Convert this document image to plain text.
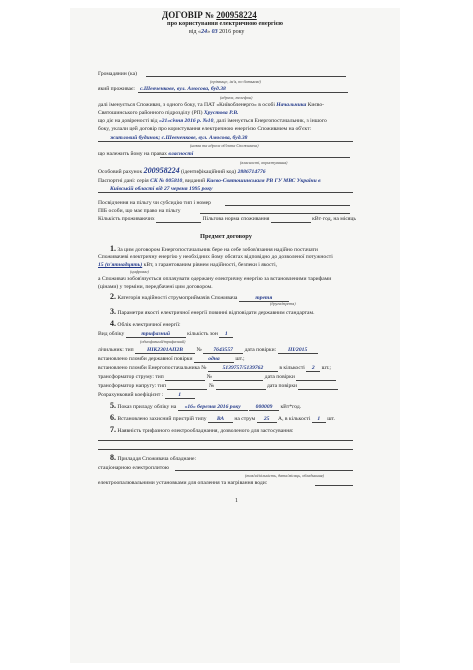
ДОГОВІР № 200958224
про користування електричною енергією
від «24» 03 2016 року
Громадянин (ка)
(прізвище, ім'я, по батькові)
який проживає: с.Шевченкове, вул. Амосова, буд.38
(адреса, телефон)
далі іменується Споживач, з одного боку, та ПАТ «Київобленерго» в особі Начальника Києво-
Святошинського районного підрозділу (РП) Хрустова Р.В.
що діє на довіреності від «21»січня 2016 р. №10, далі іменується Енергопостачальник, з іншого
боку, уклали цей договір про користування електричною енергією Споживачем на об'єкт:
житловий будинок; с.Шевченкове, вул. Амосова, буд.38
(назва та адреса об'єкта Споживача)
що належить йому на правах власності
(власності, користування)
Особовий рахунок 200958224 (ідентифікаційний код) 2886714776
Паспортні дані: серія СК № 005810, виданий Києво-Святошинським РВ ГУ МВС України в
Київській області від 27 червня 1995 року
Посвідчення на пільгу чи субсидію тип і номер
ПІБ особи, що має право на пільгу
Кількість проживаючих	Пільгова норма споживання	кВт·год, на місяць
Предмет договору
1. За цим договором Енергопостачальник бере на себе зобов'язання надійно постачати
Споживачеві електричну енергію у необхідних йому обсягах відповідно до дозволеної потужності
15 (п'ятнадцять) кВт, з гарантованим рівнем надійності, безпеки і якості,
(цифрами)
а Споживач зобов'язується оплачувати одержану електричну енергію за встановленими тарифами
(цінами) у терміни, передбачені цим договором.
2. Категорія надійності струмоприймачів Споживача	третя
(друга/третя)
3. Параметри якості електричної енергії повинні відповідати державним стандартам.
4. Облік електричної енергії:
Вид обліку	трифазний	кількість зон 1
(однофазний/трифазний)
лічильник: тип НІК2301АП2В № 7643557 дата повірки: III/2015
встановлено пломби державної повірки	одна	шт.;
встановлено пломби Енергопостачальника №	5139757/5139762	в кількості 2 шт.;
трансформатор струму: тип	№	дата повірки
трансформатор напругу: тип	№	дата повірки
Розрахунковий коефіцієнт :	1
5. Показ приладу обліку на «16» березня 2016 року	000009 кВт*год.
6. Встановлено захисний пристрій типу ВА на струм 25 А, в кількості 1 шт.
7. Наявність трифазного електрообладнання, дозволеного для застосування:
8. Приладдя Споживача обладнане:
стаціонарною електроплитою
(так/ні/кількість, дата/місяць, обладнання)
електроопалювальними установками для опалення та нагрівання води:
1
